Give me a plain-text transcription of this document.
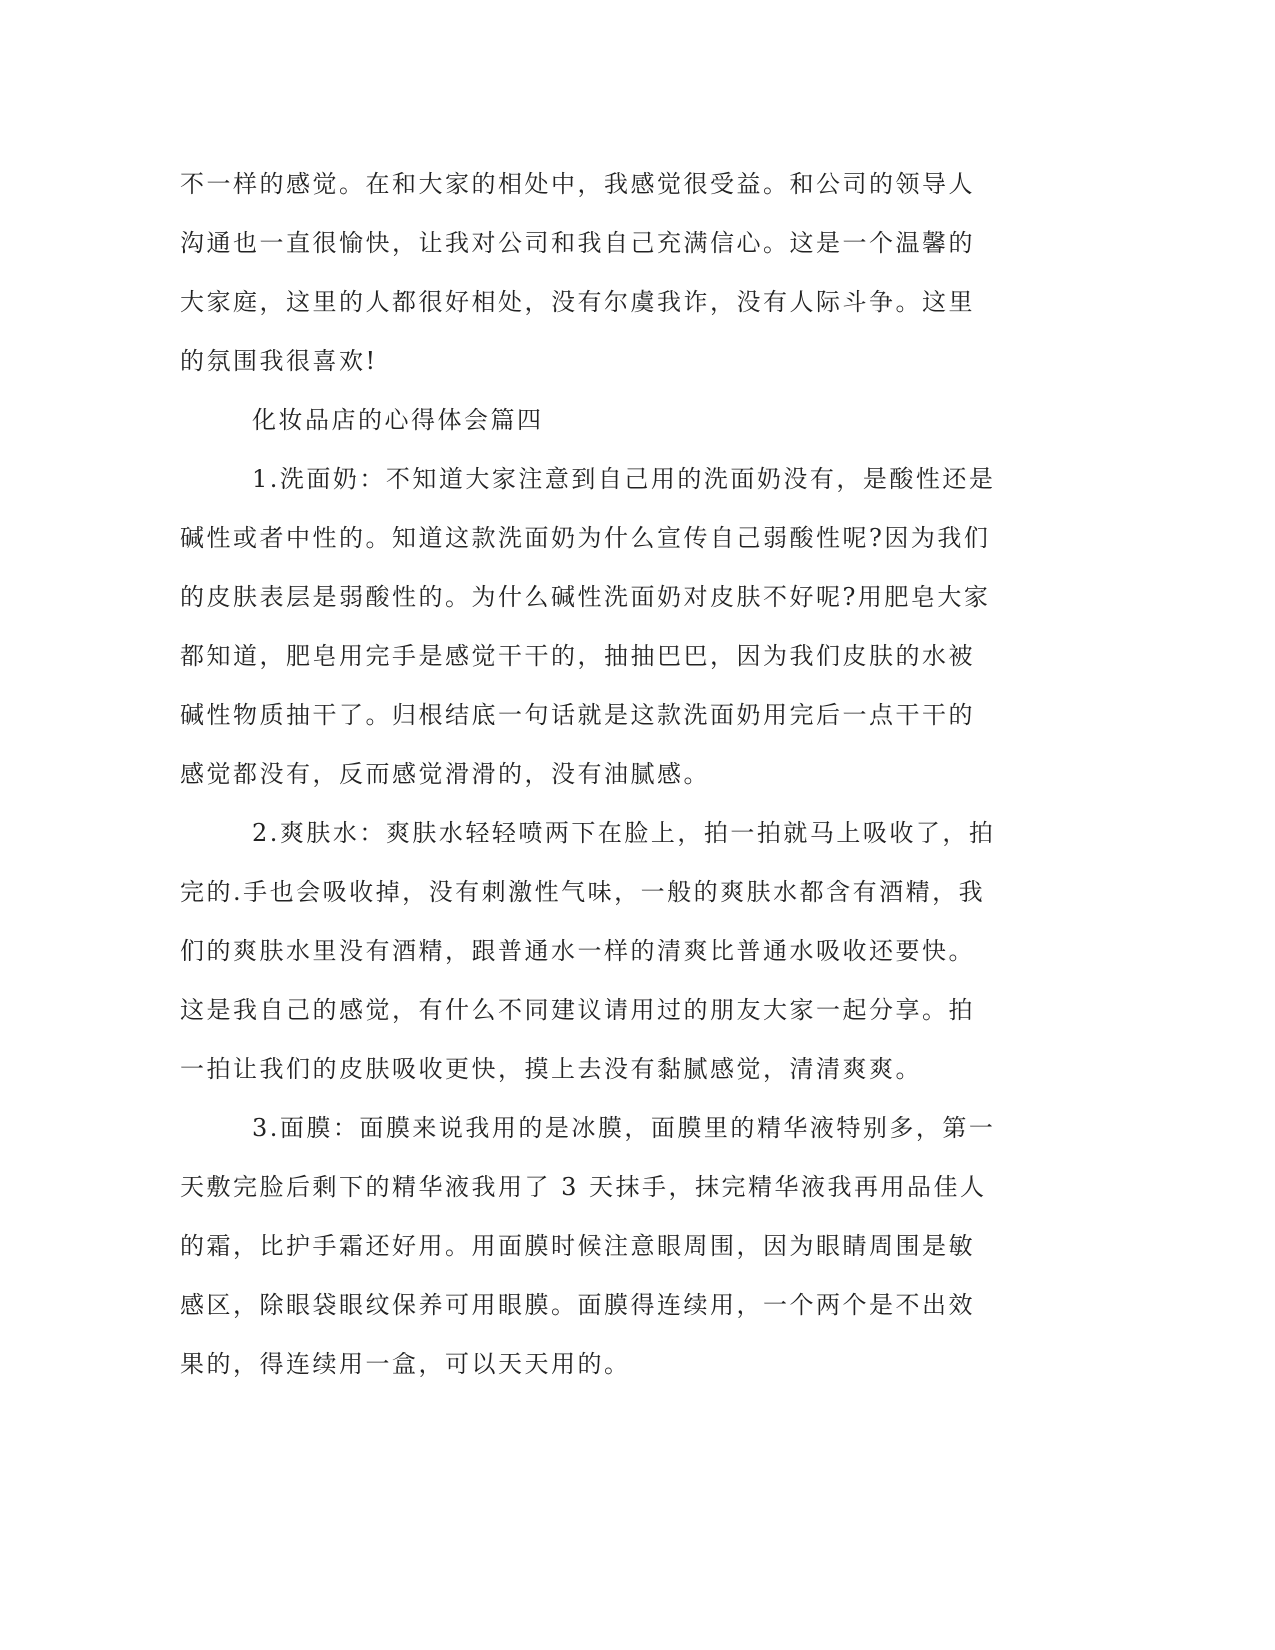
不一样的感觉。在和大家的相处中，我感觉很受益。和公司的领导人
沟通也一直很愉快，让我对公司和我自己充满信心。这是一个温馨的
大家庭，这里的人都很好相处，没有尔虞我诈，没有人际斗争。这里
的氛围我很喜欢!
化妆品店的心得体会篇四
1.洗面奶：不知道大家注意到自己用的洗面奶没有，是酸性还是
碱性或者中性的。知道这款洗面奶为什么宣传自己弱酸性呢?因为我们
的皮肤表层是弱酸性的。为什么碱性洗面奶对皮肤不好呢?用肥皂大家
都知道，肥皂用完手是感觉干干的，抽抽巴巴，因为我们皮肤的水被
碱性物质抽干了。归根结底一句话就是这款洗面奶用完后一点干干的
感觉都没有，反而感觉滑滑的，没有油腻感。
2.爽肤水：爽肤水轻轻喷两下在脸上，拍一拍就马上吸收了，拍
完的.手也会吸收掉，没有刺激性气味，一般的爽肤水都含有酒精，我
们的爽肤水里没有酒精，跟普通水一样的清爽比普通水吸收还要快。
这是我自己的感觉，有什么不同建议请用过的朋友大家一起分享。拍
一拍让我们的皮肤吸收更快，摸上去没有黏腻感觉，清清爽爽。
3.面膜：面膜来说我用的是冰膜，面膜里的精华液特别多，第一
天敷完脸后剩下的精华液我用了 3 天抹手，抹完精华液我再用品佳人
的霜，比护手霜还好用。用面膜时候注意眼周围，因为眼睛周围是敏
感区，除眼袋眼纹保养可用眼膜。面膜得连续用，一个两个是不出效
果的，得连续用一盒，可以天天用的。
